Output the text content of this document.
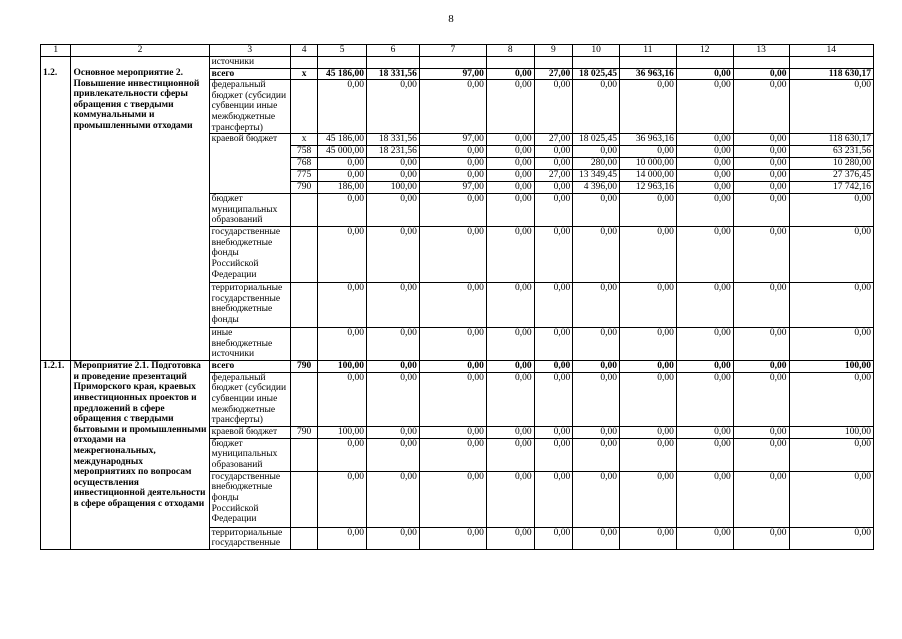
8
1	2	3	4	5	6	7	8	9	10	11	12	13	14
		источники											
1.2.	Основное мероприятие 2. Повышение инвестиционной привлекательности сферы обращения с твердыми коммунальными и промышленными отходами	всего	х	45 186,00	18 331,56	97,00	0,00	27,00	18 025,45	36 963,16	0,00	0,00	118 630,17
		федеральный бюджет (субсидии субвенции иные межбюджетные трансферты)		0,00	0,00	0,00	0,00	0,00	0,00	0,00	0,00	0,00	0,00
		краевой бюджет	х	45 186,00	18 331,56	97,00	0,00	27,00	18 025,45	36 963,16	0,00	0,00	118 630,17
			758	45 000,00	18 231,56	0,00	0,00	0,00	0,00	0,00	0,00	0,00	63 231,56
			768	0,00	0,00	0,00	0,00	0,00	280,00	10 000,00	0,00	0,00	10 280,00
			775	0,00	0,00	0,00	0,00	27,00	13 349,45	14 000,00	0,00	0,00	27 376,45
			790	186,00	100,00	97,00	0,00	0,00	4 396,00	12 963,16	0,00	0,00	17 742,16
		бюджет муниципальных образований		0,00	0,00	0,00	0,00	0,00	0,00	0,00	0,00	0,00	0,00
		государственные внебюджетные фонды Российской Федерации		0,00	0,00	0,00	0,00	0,00	0,00	0,00	0,00	0,00	0,00
		территориальные государственные внебюджетные фонды		0,00	0,00	0,00	0,00	0,00	0,00	0,00	0,00	0,00	0,00
		иные внебюджетные источники		0,00	0,00	0,00	0,00	0,00	0,00	0,00	0,00	0,00	0,00
1.2.1.	Мероприятие 2.1. Подготовка и проведение презентаций Приморского края, краевых инвестиционных проектов и предложений в сфере обращения с твердыми бытовыми и промышленными отходами на межрегиональных, международных мероприятиях по вопросам осуществления инвестиционной деятельности в сфере обращения с отходами	всего	790	100,00	0,00	0,00	0,00	0,00	0,00	0,00	0,00	0,00	100,00
		федеральный бюджет (субсидии субвенции иные межбюджетные трансферты)		0,00	0,00	0,00	0,00	0,00	0,00	0,00	0,00	0,00	0,00
		краевой бюджет	790	100,00	0,00	0,00	0,00	0,00	0,00	0,00	0,00	0,00	100,00
		бюджет муниципальных образований		0,00	0,00	0,00	0,00	0,00	0,00	0,00	0,00	0,00	0,00
		государственные внебюджетные фонды Российской Федерации		0,00	0,00	0,00	0,00	0,00	0,00	0,00	0,00	0,00	0,00
		территориальные государственные		0,00	0,00	0,00	0,00	0,00	0,00	0,00	0,00	0,00	0,00
